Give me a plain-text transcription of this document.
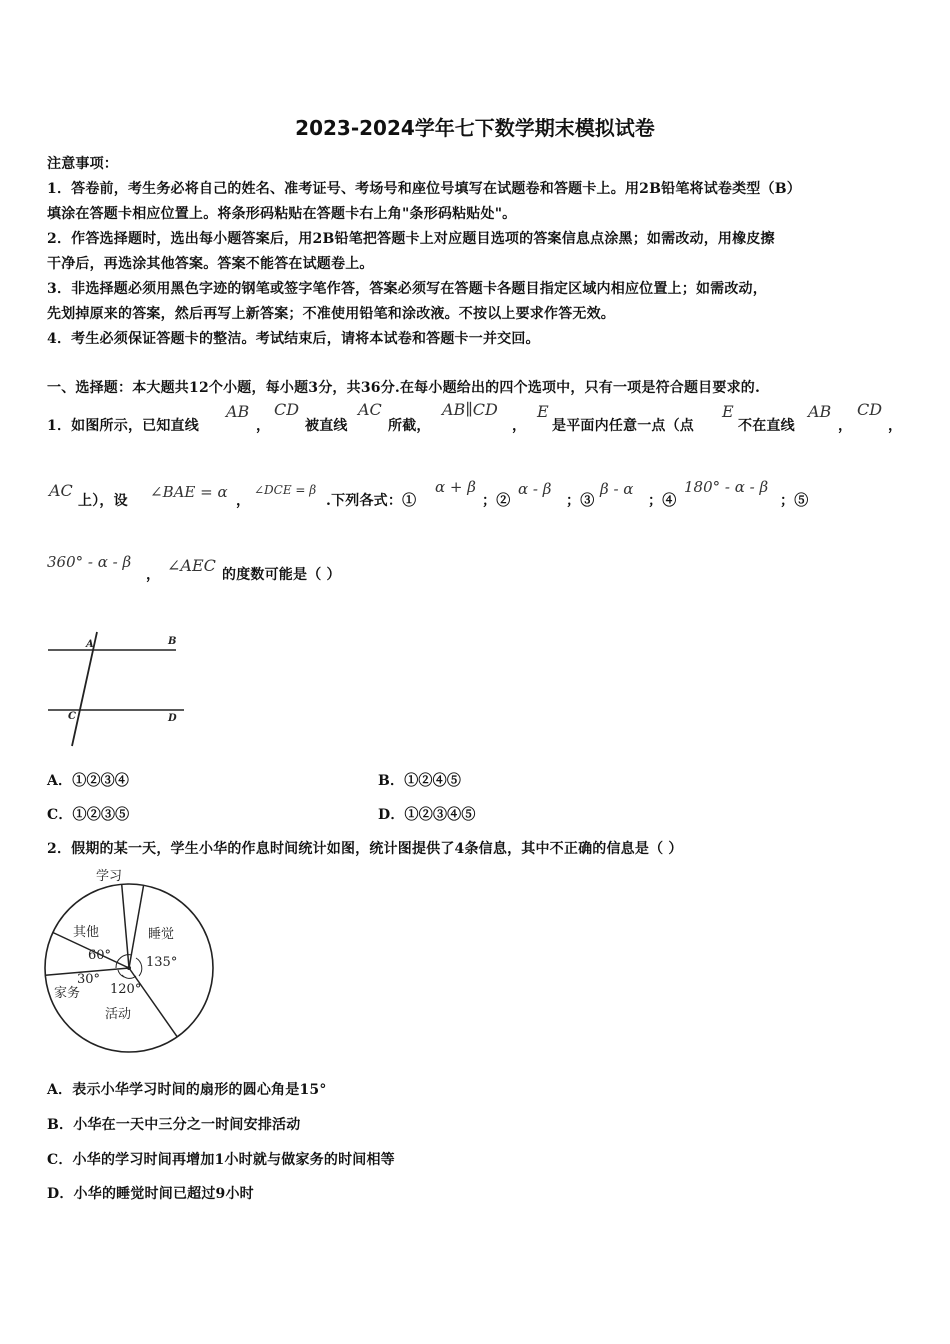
2023-2024学年七下数学期末模拟试卷
注意事项：
1．答卷前，考生务必将自己的姓名、准考证号、考场号和座位号填写在试题卷和答题卡上。用2B铅笔将试卷类型（B）
填涂在答题卡相应位置上。将条形码粘贴在答题卡右上角"条形码粘贴处"。
2．作答选择题时，选出每小题答案后，用2B铅笔把答题卡上对应题目选项的答案信息点涂黑；如需改动，用橡皮擦
干净后，再选涂其他答案。答案不能答在试题卷上。
3．非选择题必须用黑色字迹的钢笔或签字笔作答，答案必须写在答题卡各题目指定区域内相应位置上；如需改动，
先划掉原来的答案，然后再写上新答案；不准使用铅笔和涂改液。不按以上要求作答无效。
4．考生必须保证答题卡的整洁。考试结束后，请将本试卷和答题卡一并交回。
一、选择题：本大题共12个小题，每小题3分，共36分.在每小题给出的四个选项中，只有一项是符合题目要求的.
1．如图所示，已知直线
AB
，
CD
被直线
AC
所截，
AB∥CD
，
E
是平面内任意一点（点
E
不在直线
AB
，
CD
，
AC
上），设 ∠BAE = α ，
∠DCE = β
.下列各式：①
α + β
；②
α - β
；③
β - α
；④
180° - α - β
；⑤
360° - α - β
， ∠AEC 的度数可能是（ ）
A	B
C	D
A．①②③④	B．①②④⑤
C．①②③⑤	D．①②③④⑤
2．假期的某一天，学生小华的作息时间统计如图，统计图提供了4条信息，其中不正确的信息是（ ）
学习
睡觉
其他
60°	135°
30°
家务 120°
活动
A．表示小华学习时间的扇形的圆心角是15°
B．小华在一天中三分之一时间安排活动
C．小华的学习时间再增加1小时就与做家务的时间相等
D．小华的睡觉时间已超过9小时
